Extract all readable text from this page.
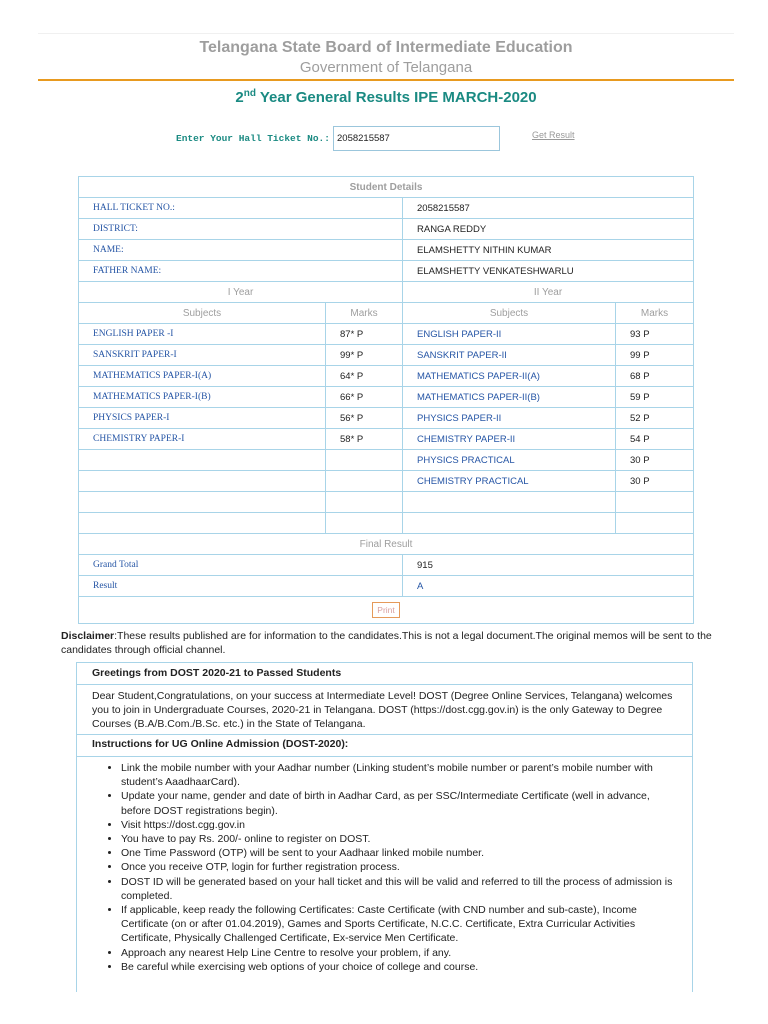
Telangana State Board of Intermediate Education
Government of Telangana
2nd Year General Results IPE MARCH-2020
Enter Your Hall Ticket No.:
2058215587	Get Result
Student Details			
HALL TICKET NO.:		2058215587	
DISTRICT:		RANGA REDDY	
NAME:		ELAMSHETTY NITHIN KUMAR	
FATHER NAME:		ELAMSHETTY VENKATESHWARLU	
I Year		II Year	
Subjects	Marks	Subjects	Marks
ENGLISH PAPER -I	87* P	ENGLISH PAPER-II	93 P
SANSKRIT PAPER-I	99* P	SANSKRIT PAPER-II	99 P
MATHEMATICS PAPER-I(A)	64* P	MATHEMATICS PAPER-II(A)	68 P
MATHEMATICS PAPER-I(B)	66* P	MATHEMATICS PAPER-II(B)	59 P
PHYSICS PAPER-I	56* P	PHYSICS PAPER-II	52 P
CHEMISTRY PAPER-I	58* P	CHEMISTRY PAPER-II	54 P
		PHYSICS PRACTICAL	30 P
		CHEMISTRY PRACTICAL	30 P

Final Result			
Grand Total		915	
Result		A	
Print			
Disclaimer:These results published are for information to the candidates.This is not a legal document.The original memos will be sent to the candidates through official channel.
Greetings from DOST 2020-21 to Passed Students
Dear Student,Congratulations, on your success at Intermediate Level! DOST (Degree Online Services, Telangana) welcomes you to join in Undergraduate Courses, 2020-21 in Telangana. DOST (https://dost.cgg.gov.in) is the only Gateway to Degree Courses (B.A/B.Com./B.Sc. etc.) in the State of Telangana.
Instructions for UG Online Admission (DOST-2020):
• Link the mobile number with your Aadhar number (Linking student’s mobile number or parent’s mobile number with student’s AaadhaarCard).
• Update your name, gender and date of birth in Aadhar Card, as per SSC/Intermediate Certificate (well in advance, before DOST registrations begin).
• Visit https://dost.cgg.gov.in
• You have to pay Rs. 200/- online to register on DOST.
• One Time Password (OTP) will be sent to your Aadhaar linked mobile number.
• Once you receive OTP, login for further registration process.
• DOST ID will be generated based on your hall ticket and this will be valid and referred to till the process of admission is completed.
• If applicable, keep ready the following Certificates: Caste Certificate (with CND number and sub-caste), Income Certificate (on or after 01.04.2019), Games and Sports Certificate, N.C.C. Certificate, Extra Curricular Activities Certificate, Physically Challenged Certificate, Ex-service Men Certificate.
• Approach any nearest Help Line Centre to resolve your problem, if any.
• Be careful while exercising web options of your choice of college and course.
